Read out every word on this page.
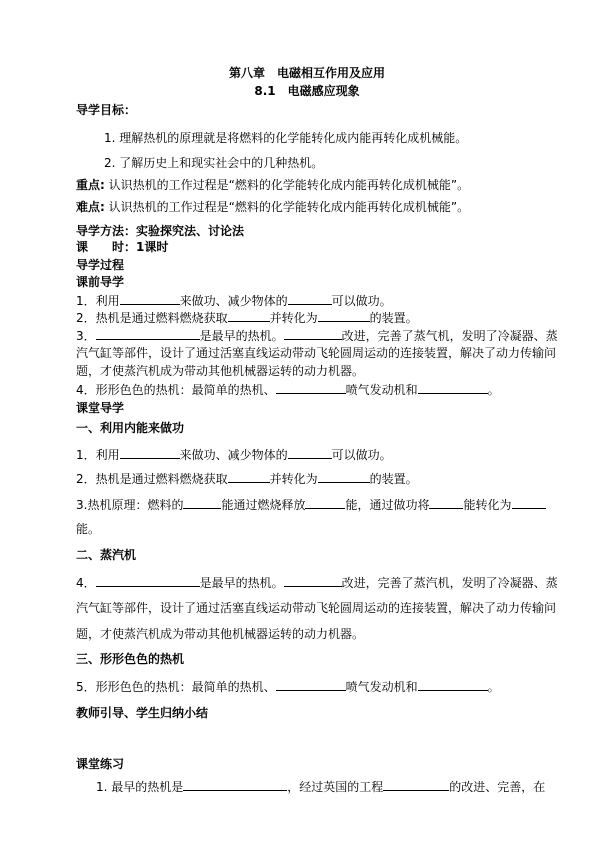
第八章　电磁相互作用及应用
8.1　电磁感应现象
导学目标：
1. 理解热机的原理就是将燃料的化学能转化成内能再转化成机械能。
2. 了解历史上和现实社会中的几种热机。
重点: 认识热机的工作过程是“燃料的化学能转化成内能再转化成机械能”。
难点: 认识热机的工作过程是“燃料的化学能转化成内能再转化成机械能”。
导学方法：实验探究法、讨论法
课　　时：1课时
导学过程
课前导学
1．利用	来做功、减少物体的	可以做功。
2．热机是通过燃料燃烧获取	并转化为	的装置。
3．	是最早的热机。	改进，完善了蒸气机，发明了冷凝器、蒸
汽气缸等部件，设计了通过活塞直线运动带动飞轮圆周运动的连接装置，解决了动力传输问
题，才使蒸汽机成为带动其他机械器运转的动力机器。
4．形形色色的热机：最简单的热机、	喷气发动机和	。
课堂导学
一、利用内能来做功
1．利用	来做功、减少物体的	可以做功。
2．热机是通过燃料燃烧获取	并转化为	的装置。
3.热机原理：燃料的	能通过燃烧释放	能，通过做功将	能转化为
能。
二、蒸汽机
4．	是最早的热机。	改进，完善了蒸汽机，发明了冷凝器、蒸
汽气缸等部件，设计了通过活塞直线运动带动飞轮圆周运动的连接装置，解决了动力传输问
题，才使蒸汽机成为带动其他机械器运转的动力机器。
三、形形色色的热机
5．形形色色的热机：最简单的热机、	喷气发动机和	。
教师引导、学生归纳小结
课堂练习
1. 最早的热机是	，经过英国的工程	的改进、完善，在
